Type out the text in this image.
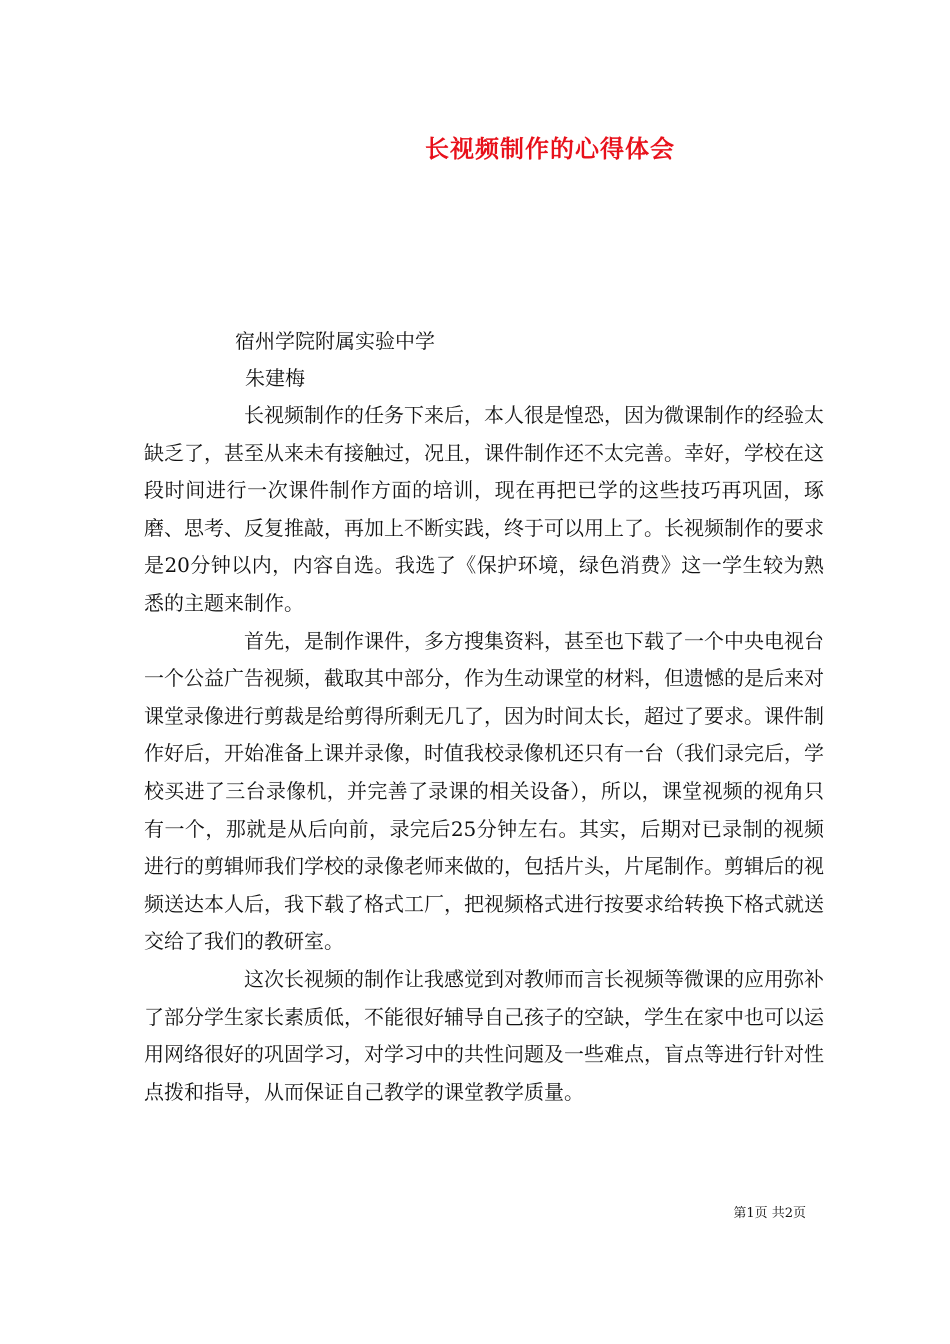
长视频制作的心得体会
宿州学院附属实验中学
朱建梅

长视频制作的任务下来后，本人很是惶恐，因为微课制作的经验太缺乏了，甚至从来未有接触过，况且，课件制作还不太完善。幸好，学校在这段时间进行一次课件制作方面的培训，现在再把已学的这些技巧再巩固，琢磨、思考、反复推敲，再加上不断实践，终于可以用上了。长视频制作的要求是20分钟以内，内容自选。我选了《保护环境，绿色消费》这一学生较为熟悉的主题来制作。

首先，是制作课件，多方搜集资料，甚至也下载了一个中央电视台一个公益广告视频，截取其中部分，作为生动课堂的材料，但遗憾的是后来对课堂录像进行剪裁是给剪得所剩无几了，因为时间太长，超过了要求。课件制作好后，开始准备上课并录像，时值我校录像机还只有一台（我们录完后，学校买进了三台录像机，并完善了录课的相关设备），所以，课堂视频的视角只有一个，那就是从后向前，录完后25分钟左右。其实，后期对已录制的视频进行的剪辑师我们学校的录像老师来做的，包括片头，片尾制作。剪辑后的视频送达本人后，我下载了格式工厂，把视频格式进行按要求给转换下格式就送交给了我们的教研室。

这次长视频的制作让我感觉到对教师而言长视频等微课的应用弥补了部分学生家长素质低，不能很好辅导自己孩子的空缺，学生在家中也可以运用网络很好的巩固学习，对学习中的共性问题及一些难点，盲点等进行针对性点拨和指导，从而保证自己教学的课堂教学质量。

第1页 共2页
